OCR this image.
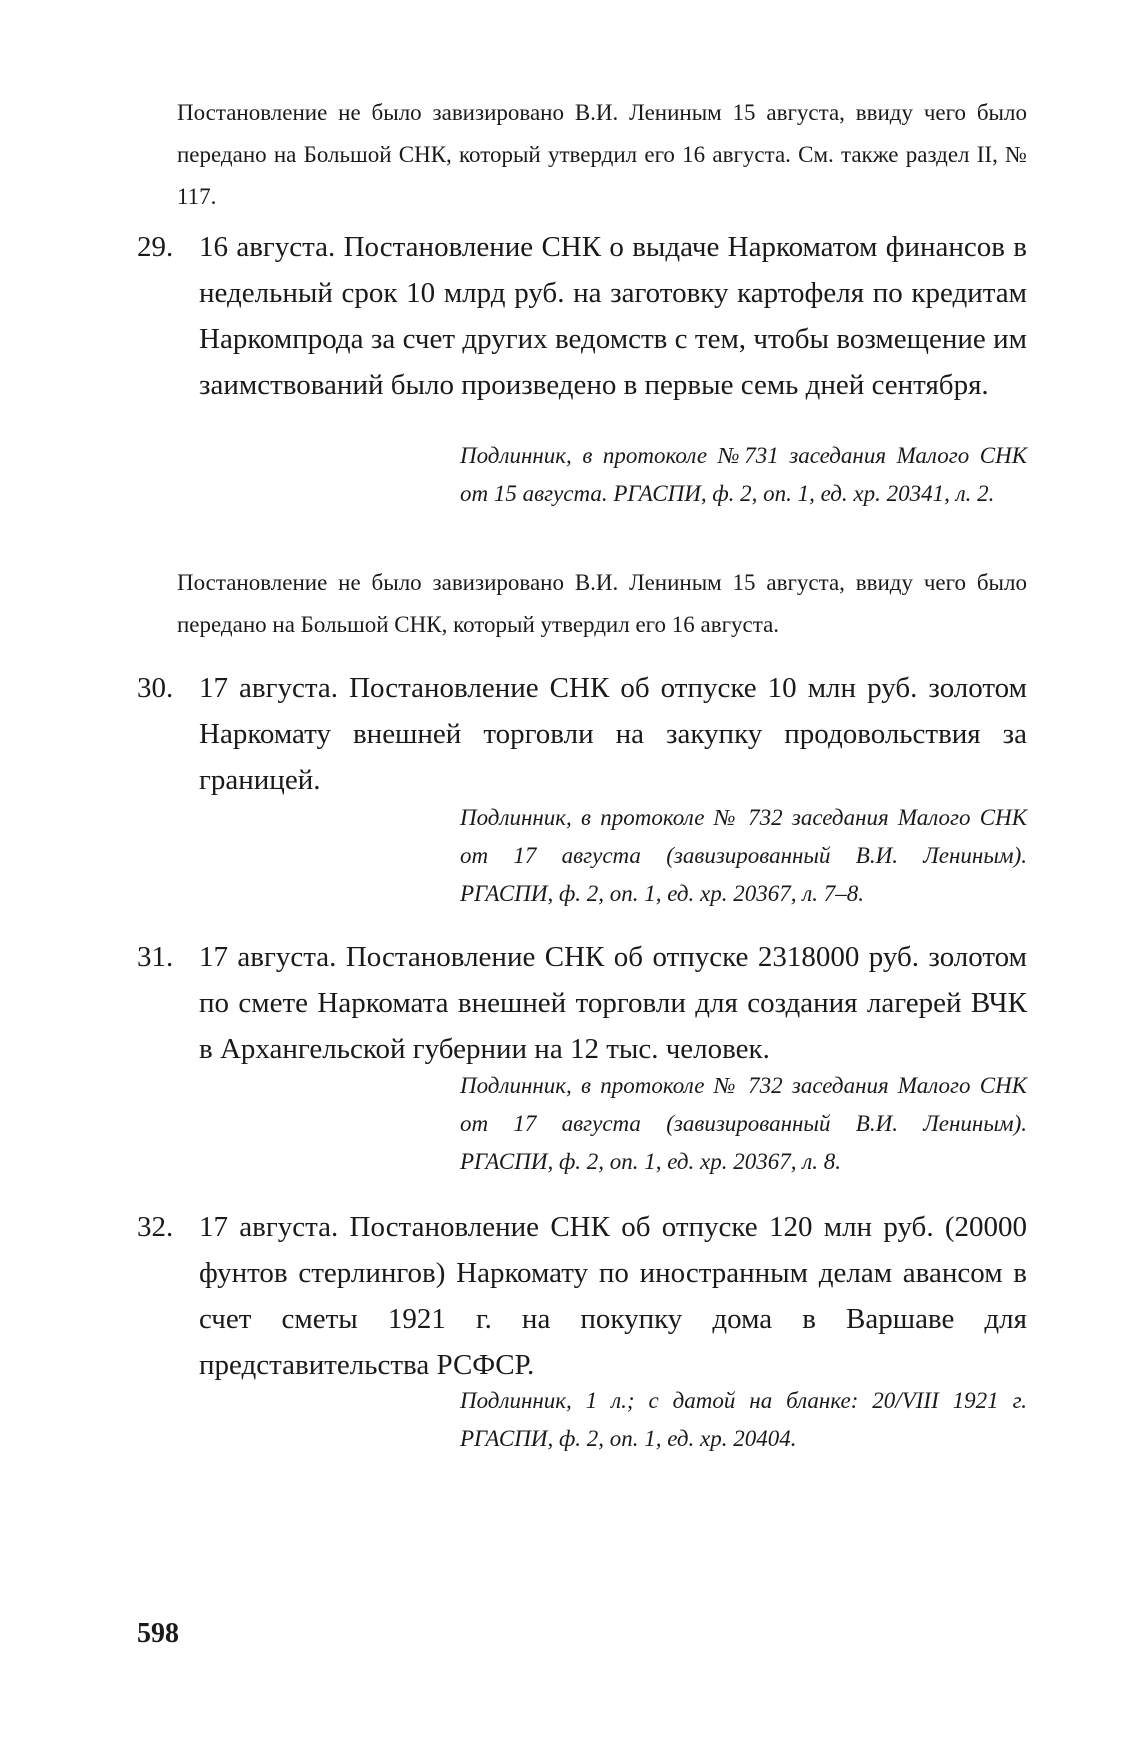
Постановление не было завизировано В.И. Лениным 15 августа, ввиду чего было передано на Большой СНК, который утвердил его 16 августа. См. также раздел II, № 117.

29. 16 августа. Постановление СНК о выдаче Наркоматом финансов в недельный срок 10 млрд руб. на заготовку картофеля по кредитам Наркомпрода за счет других ведомств с тем, чтобы возмещение им заимствований было произведено в первые семь дней сентября.

Подлинник, в протоколе №731 заседания Малого СНК от 15 августа. РГАСПИ, ф. 2, оп. 1, ед. хр. 20341, л. 2.

Постановление не было завизировано В.И. Лениным 15 августа, ввиду чего было передано на Большой СНК, который утвердил его 16 августа.

30. 17 августа. Постановление СНК об отпуске 10 млн руб. золотом Наркомату внешней торговли на закупку продовольствия за границей.

Подлинник, в протоколе № 732 заседания Малого СНК от 17 августа (завизированный В.И. Лениным). РГАСПИ, ф. 2, оп. 1, ед. хр. 20367, л. 7–8.

31. 17 августа. Постановление СНК об отпуске 2318000 руб. золотом по смете Наркомата внешней торговли для создания лагерей ВЧК в Архангельской губернии на 12 тыс. человек.

Подлинник, в протоколе № 732 заседания Малого СНК от 17 августа (завизированный В.И. Лениным). РГАСПИ, ф. 2, оп. 1, ед. хр. 20367, л. 8.

32. 17 августа. Постановление СНК об отпуске 120 млн руб. (20000 фунтов стерлингов) Наркомату по иностранным делам авансом в счет сметы 1921 г. на покупку дома в Варшаве для представительства РСФСР.

Подлинник, 1 л.; с датой на бланке: 20/VIII 1921 г. РГАСПИ, ф. 2, оп. 1, ед. хр. 20404.

598
